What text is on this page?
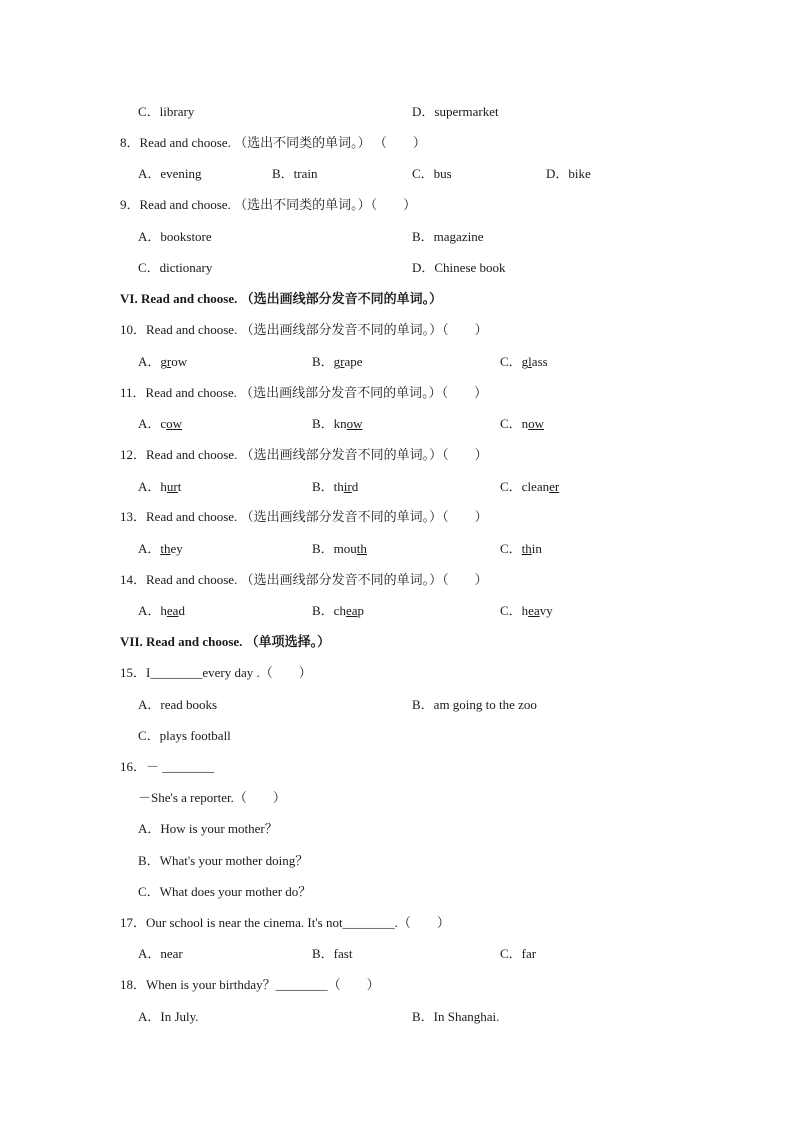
C．library	D．supermarket
8．Read and choose. （选出不同类的单词。） （　　）
A．evening	B．train	C．bus	D．bike
9．Read and choose. （选出不同类的单词。）（　　）
A．bookstore	B．magazine
C．dictionary	D．Chinese book
VI. Read and choose. （选出画线部分发音不同的单词。）
10．Read and choose. （选出画线部分发音不同的单词。）（　　）
A．grow	B．grape	C．glass
11．Read and choose. （选出画线部分发音不同的单词。）（　　）
A．cow	B．know	C．now
12．Read and choose. （选出画线部分发音不同的单词。）（　　）
A．hurt	B．third	C．cleaner
13．Read and choose. （选出画线部分发音不同的单词。）（　　）
A．they	B．mouth	C．thin
14．Read and choose. （选出画线部分发音不同的单词。）（　　）
A．head	B．cheap	C．heavy
VII. Read and choose. （单项选择。）
15．I________every day .（　　）
A．read books	B．am going to the zoo
C．plays football
16．－ ________
－She's a reporter.（　　）
A．How is your mother？
B．What's your mother doing？
C．What does your mother do？
17．Our school is near the cinema. It's not________.（　　）
A．near	B．fast	C．far
18．When is your birthday？________（　　）
A．In July.	B．In Shanghai.
